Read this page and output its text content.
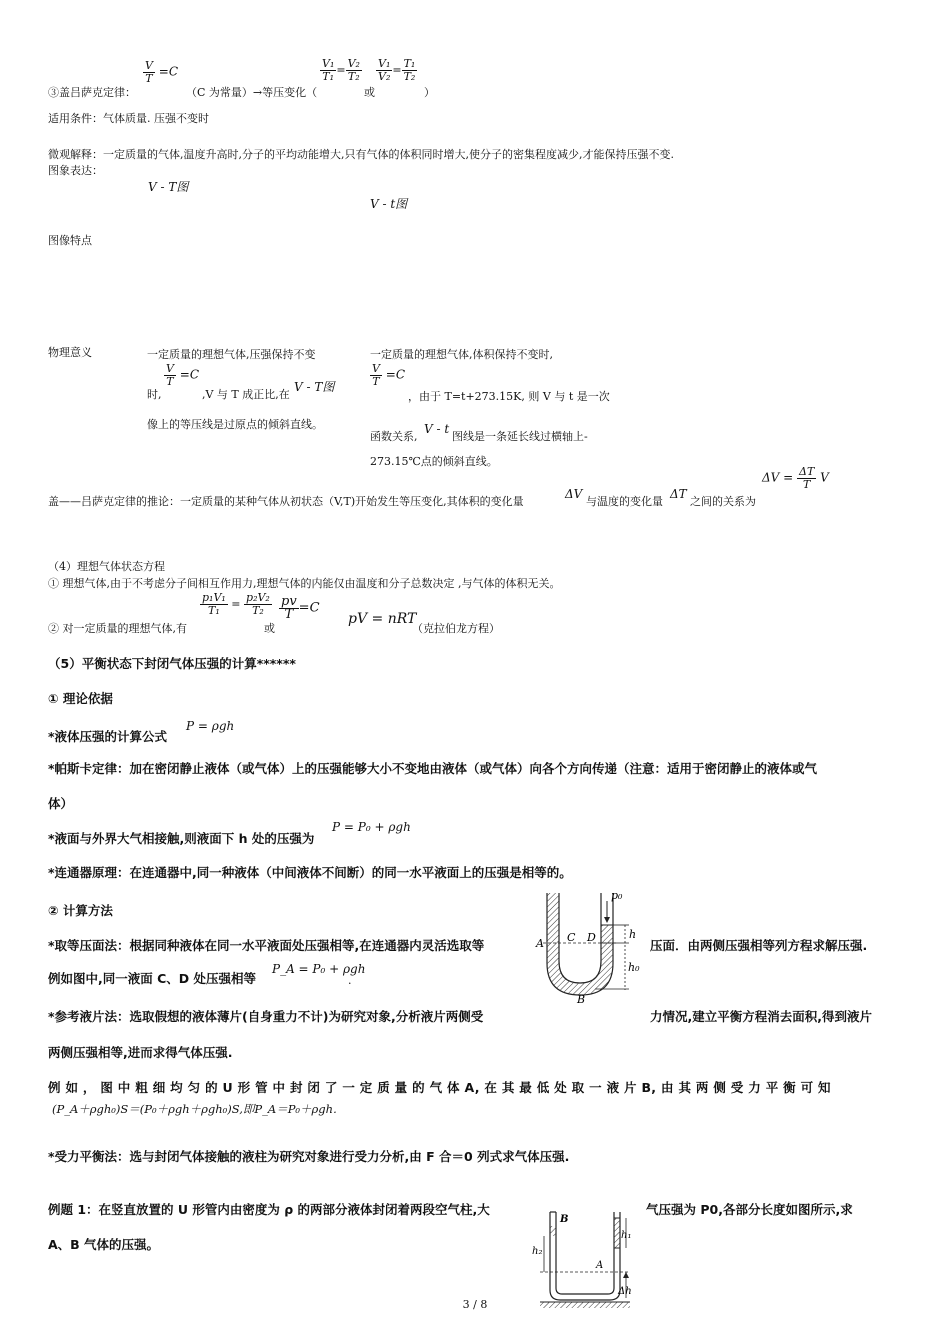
$\frac{V}{T} =C$	$\frac{\text{V₁}}{\text{T₁}} = \frac{\text{V₂}}{\text{T₂}} \frac{\text{V₁}}{\text{V₂}} = \frac{\text{T₁}}{\text{T₂}}$
③盖吕萨克定律：	（C 为常量）→等压变化（	或	）
适用条件：气体质量. 压强不变时
微观解释：一定质量的气体,温度升高时,分子的平均动能增大,只有气体的体积同时增大,使分子的密集程度减少,才能保持压强不变.
图象表达：
V - T图
V - t图
图像特点
物理意义	一定质量的理想气体,压强保持不变
$\frac{V}{T} =C$
时,	,V 与 T 成正比,在
V - T图
像上的等压线是过原点的倾斜直线。
一定质量的理想气体,体积保持不变时,
$\frac{V}{T} =C$
，由于 T=t+273.15K, 则 V 与 t 是一次
函数关系,
V - t
图线是一条延长线过横轴上-
273.15℃点的倾斜直线。
盖——吕萨克定律的推论：一定质量的某种气体从初状态（V,T)开始发生等压变化,其体积的变化量
ΔV
与温度的变化量
ΔT
之间的关系为
$\Delta V = \frac{\Delta T}{T}$ V
（4）理想气体状态方程
① 理想气体,由于不考虑分子间相互作用力,理想气体的内能仅由温度和分子总数决定 ,与气体的体积无关。
$\frac{\text{p₁V₁}}{\text{T₁}} = \frac{\text{p₂V₂}}{\text{T₂}} \frac{pv}{T} =C$
② 对一定质量的理想气体,有	或
pV = nRT
（克拉伯龙方程）
（5）平衡状态下封闭气体压强的计算******
① 理论依据
*液体压强的计算公式
P = ρgh
*帕斯卡定律：加在密闭静止液体（或气体）上的压强能够大小不变地由液体（或气体）向各个方向传递（注意：适用于密闭静止的液体或气
体）
*液面与外界大气相接触,则液面下 h 处的压强为
P = P₀ + ρgh
*连通器原理：在连通器中,同一种液体（中间液体不间断）的同一水平液面上的压强是相等的。
② 计算方法
*取等压面法：根据同种液体在同一水平液面处压强相等,在连通器内灵活选取等	压面．由两侧压强相等列方程求解压强.
例如图中,同一液面 C、D 处压强相等
P_A = P₀ + ρgh
.
*参考液片法：选取假想的液体薄片(自身重力不计)为研究对象,分析液片两侧受	力情况,建立平衡方程消去面积,得到液片
两侧压强相等,进而求得气体压强.
例 如 ， 图 中 粗 细 均 匀 的 U 形 管 中 封 闭 了 一 定 质 量 的 气 体 A, 在 其 最 低 处 取 一 液 片 B, 由 其 两 侧 受 力 平 衡 可 知
(P_A＋ρgh₀)S＝(P₀＋ρgh＋ρgh₀)S,即P_A＝P₀＋ρgh.
*受力平衡法：选与封闭气体接触的液柱为研究对象进行受力分析,由 F 合＝0 列式求气体压强.
例题 1：在竖直放置的 U 形管内由密度为 ρ 的两部分液体封闭着两段空气柱,大	气压强为 P0,各部分长度如图所示,求
A、B 气体的压强。
p₀
A C D	h
h₀
B
B
h₁
h₂
A
Δh
3 / 8
